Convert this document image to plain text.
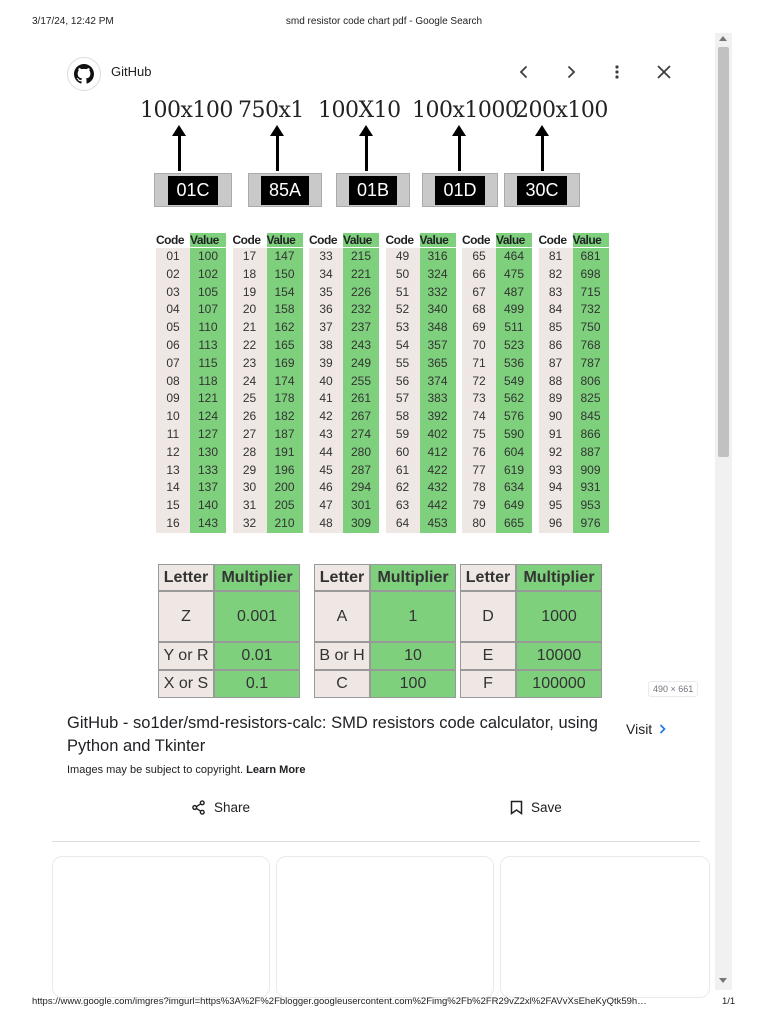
3/17/24, 12:42 PM	smd resistor code chart pdf - Google Search
GitHub
100x100 750x1 100X10 100x1000
200x100
01C	85A	01B	01D	30C
Code Value
01	100
02	102
03	105
04	107
05	110
06	113
07	115
08	118
09	121
10	124
11	127
12	130
13	133
14	137
15	140
16	143
Code Value
17	147
18	150
19	154
20	158
21	162
22	165
23	169
24	174
25	178
26	182
27	187
28	191
29	196
30	200
31	205
32	210
Code Value
33	215
34	221
35	226
36	232
37	237
38	243
39	249
40	255
41	261
42	267
43	274
44	280
45	287
46	294
47	301
48	309
Code Value
49	316
50	324
51	332
52	340
53	348
54	357
55	365
56	374
57	383
58	392
59	402
60	412
61	422
62	432
63	442
64	453
Code Value
65	464
66	475
67	487
68	499
69	511
70	523
71	536
72	549
73	562
74	576
75	590
76	604
77	619
78	634
79	649
80	665
Code Value
81	681
82	698
83	715
84	732
85	750
86	768
87	787
88	806
89	825
90	845
91	866
92	887
93	909
94	931
95	953
96	976
Letter Multiplier
Z	0.001
Y or R	0.01
X or S	0.1
Letter Multiplier
A	1
B or H	10
C	100
Letter Multiplier
D	1000
E	10000
F	100000	490 × 661
GitHub - so1der/smd-resistors-calc: SMD resistors code calculator, using Python and Tkinter
Visit
Images may be subject to copyright. Learn More
Share	Save
https://www.google.com/imgres?imgurl=https%3A%2F%2Fblogger.googleusercontent.com%2Fimg%2Fb%2FR29vZ2xl%2FAVvXsEheKyQtk59h…	1/1
